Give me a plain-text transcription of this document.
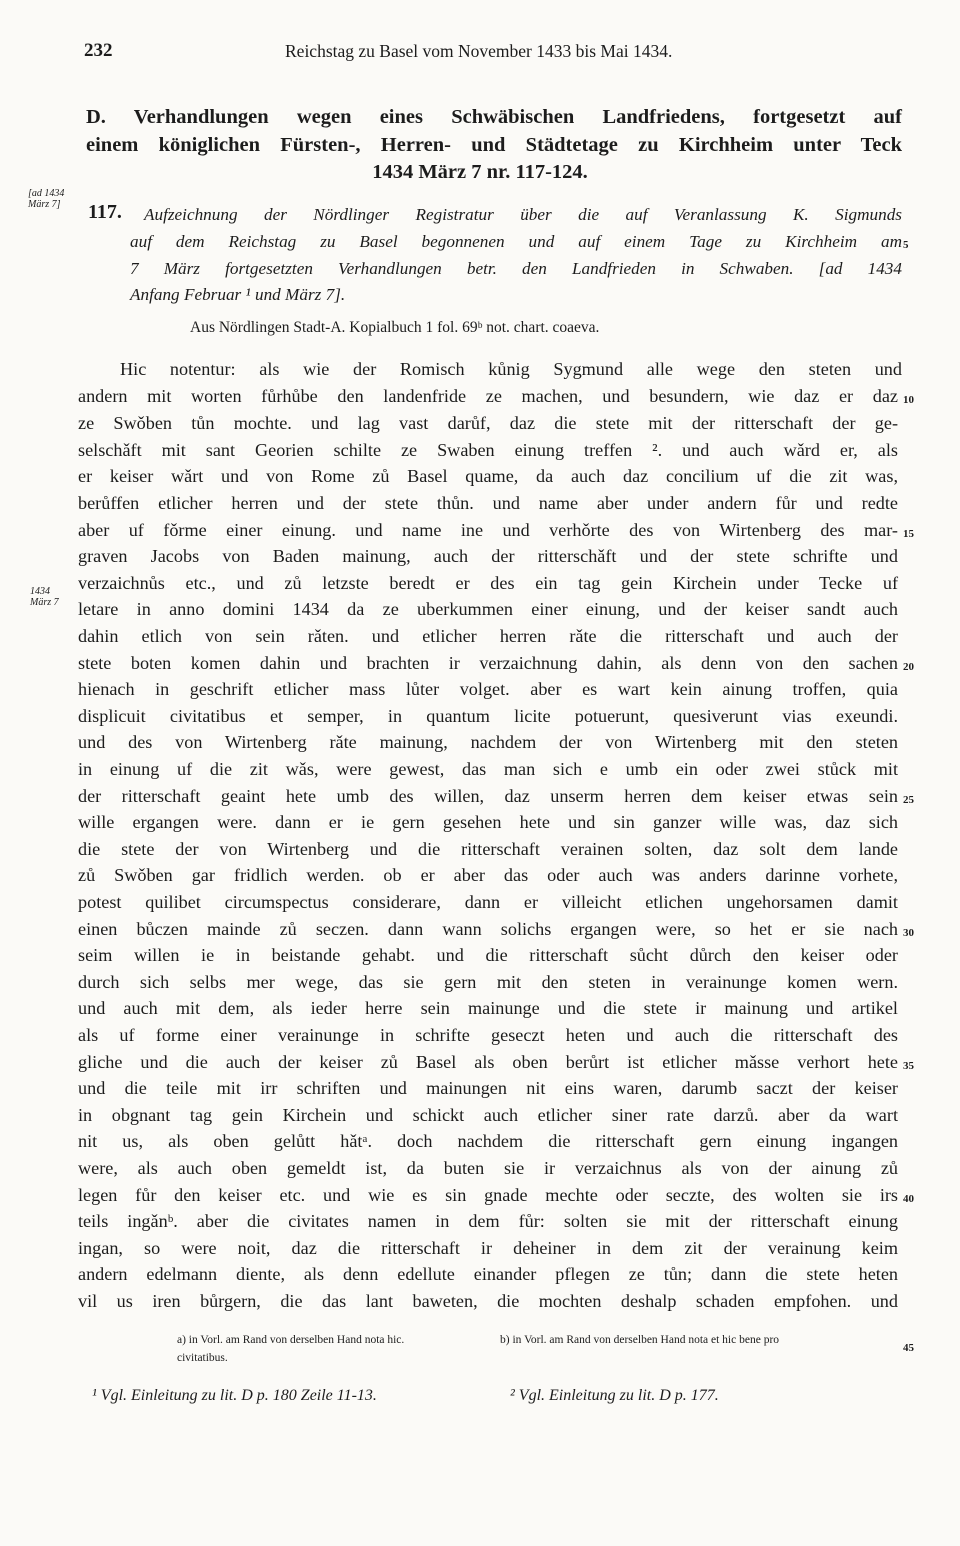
232	Reichstag zu Basel vom November 1433 bis Mai 1434.
D. Verhandlungen wegen eines Schwäbischen Landfriedens, fortgesetzt auf
einem königlichen Fürsten-, Herren- und Städtetage zu Kirchheim unter Teck
1434 März 7 nr. 117-124.
[ad 1434 März 7]	117. Aufzeichnung der Nördlinger Registratur über die auf Veranlassung K. Sigmunds
auf dem Reichstag zu Basel begonnenen und auf einem Tage zu Kirchheim am
7 März fortgesetzten Verhandlungen betr. den Landfrieden in Schwaben. [ad 1434
Anfang Februar ¹ und März 7].
Aus Nördlingen Stadt-A. Kopialbuch 1 fol. 69ᵇ not. chart. coaeva.
1434 März 7
Hic notentur: als wie der Romisch kůnig Sygmund alle wege den steten und
andern mit worten fůrhůbe den landenfride ze machen, und besundern, wie daz er daz
ze Swǒben tůn mochte. und lag vast darůf, daz die stete mit der ritterschaft der ge-
selschǎft mit sant Georien schilte ze Swaben einung treffen ². und auch wǎrd er, als
er keiser wǎrt und von Rome zů Basel quame, da auch daz concilium uf die zit was,
berůffen etlicher herren und der stete thůn. und name aber under andern fůr und redte
aber uf fǒrme einer einung. und name ine und verhǒrte des von Wirtenberg des mar-
graven Jacobs von Baden mainung, auch der ritterschǎft und der stete schrifte und
verzaichnůs etc., und zů letzste beredt er des ein tag gein Kirchein under Tecke uf
letare in anno domini 1434 da ze uberkummen einer einung, und der keiser sandt auch
dahin etlich von sein rǎten. und etlicher herren rǎte die ritterschaft und auch der
stete boten komen dahin und brachten ir verzaichnung dahin, als denn von den sachen
hienach in geschrift etlicher mass lůter volget. aber es wart kein ainung troffen, quia
displicuit civitatibus et semper, in quantum licite potuerunt, quesiverunt vias exeundi.
und des von Wirtenberg rǎte mainung, nachdem der von Wirtenberg mit den steten
in einung uf die zit wǎs, were gewest, das man sich e umb ein oder zwei stůck mit
der ritterschaft geaint hete umb des willen, daz unserm herren dem keiser etwas sein
wille ergangen were. dann er ie gern gesehen hete und sin ganzer wille was, daz sich
die stete der von Wirtenberg und die ritterschaft verainen solten, daz solt dem lande
zů Swǒben gar fridlich werden. ob er aber das oder auch was anders darinne vorhete,
potest quilibet circumspectus considerare, dann er villeicht etlichen ungehorsamen damit
einen bůczen mainde zů seczen. dann wann solichs ergangen were, so het er sie nach
seim willen ie in beistande gehabt. und die ritterschaft sůcht důrch den keiser oder
durch sich selbs mer wege, das sie gern mit den steten in verainunge komen wern.
und auch mit dem, als ieder herre sein mainunge und die stete ir mainung und artikel
als uf forme einer verainunge in schrifte geseczt heten und auch die ritterschaft des
gliche und die auch der keiser zů Basel als oben berůrt ist etlicher mǎsse verhort hete
und die teile mit irr schriften und mainungen nit eins waren, darumb saczt der keiser
in obgnant tag gein Kirchein und schickt auch etlicher siner rate darzů. aber da wart
nit us, als oben gelůtt hǎtᵃ. doch nachdem die ritterschaft gern einung ingangen
were, als auch oben gemeldt ist, da buten sie ir verzaichnus als von der ainung zů
legen fůr den keiser etc. und wie es sin gnade mechte oder seczte, des wolten sie irs
teils ingǎnᵇ. aber die civitates namen in dem fůr: solten sie mit der ritterschaft einung
ingan, so were noit, daz die ritterschaft ir deheiner in dem zit der verainung keim
andern edelmann diente, als denn edellute einander pflegen ze tůn; dann die stete heten
vil us iren bůrgern, die das lant baweten, die mochten deshalp schaden empfohen. und
5
10
15
20
25
30
35
40
45
a) in Vorl. am Rand von derselben Hand nota hic.	b) in Vorl. am Rand von derselben Hand nota et hic bene pro
civitatibus.
¹ Vgl. Einleitung zu lit. D p. 180 Zeile 11-13.	² Vgl. Einleitung zu lit. D p. 177.
